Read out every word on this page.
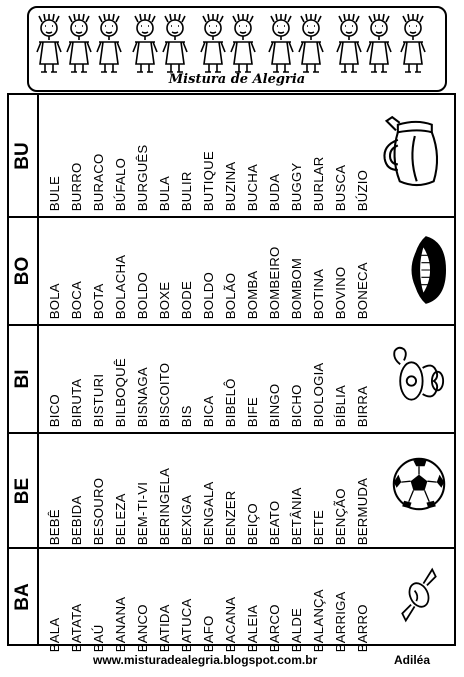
Mistura de Alegria
BU
BULE BURRO BURACO BÚFALO BURGUÊS BULA BULIR BUTIQUE BUZINA BUCHA BUDA BUGGY BURLAR BUSCA BÚZIO
BO
BOLA BOCA BOTA BOLACHA BOLDO BOXE BODE BOLDO BOLÃO BOMBA BOMBEIRO BOMBOM BOTINA BOVINO BONECA
BI
BICO BIRUTA BISTURI BILBOQUÊ BISNAGA BISCOITO BIS BICA BIBELÔ BIFE BINGO BICHO BIOLOGIA BÍBLIA BIRRA
BE
BEBÊ BEBIDA BESOURO BELEZA BEM-TI-VI BERINGELA BEXIGA BENGALA BENZER BEIÇO BEATO BETÂNIA BETE BENÇÃO BERMUDA
BA
BALA BATATA BAÚ BANANA BANCO BATIDA BATUCA BAFO BACANA BALEIA BARCO BALDE BALANÇA BARRIGA BARRO
www.misturadealegria.blogspot.com.br	Adiléa
